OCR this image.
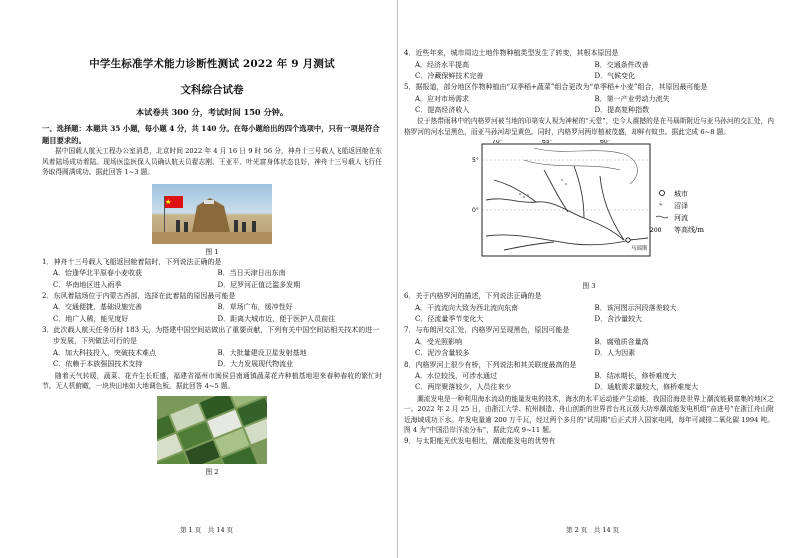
中学生标准学术能力诊断性测试 2022 年 9 月测试
文科综合试卷
本试卷共 300 分，考试时间 150 分钟。
一、选择题：本题共 35 小题，每小题 4 分，共 140 分。在每小题给出的四个选项中，只有一项是符合题目要求的。
据中国载人航天工程办公室消息，北京时间 2022 年 4 月 16 日 9 时 56 分，神舟十三号载人飞船返回舱在东风着陆场成功着陆。现场医监医保人员确认航天员翟志刚、王亚平、叶光富身体状态良好，神舟十三号载人飞行任务取得圆满成功。据此回答 1~3 题。
图 1
1．神舟十三号载人飞船返回舱着陆时，下列说法正确的是
A．恰逢华北平原春小麦收获	B．当日天津日出东南
C．华南地区进入雨季	D．尼罗河正值泛滥多发期
2．东风着陆场位于内蒙古西部，选择在此着陆的原因最可能是
A．交通便捷，基础设施完善	B．草场广布，缓冲性好
C．地广人稀，能见度好	D．距离大城市近，便于医护人员前往
3．此次载人航天任务历时 183 天，为搭建中国空间站做出了重要贡献，下列有关中国空间站相关技术的进一步发展，下列做法可行的是
A．加大科技投入，突破技术难点	B．大批量建设卫星发射基地
C．依赖于本族强国技术支持	D．大力发展现代物流业
随着天气转暖，蔬菜、花卉生长旺盛，福建省福州市闽侯县南通镇蔬菜花卉种植基地迎来春种春收的繁忙时节。无人机俯瞰，一块块田地如大地调色板。据此回答 4~5 题。
图 2
第 1 页　共 14 页
4．近些年来，城市周边土地作物种植类型发生了转变，其根本原因是
A．经济水平提高	B．交通条件改善
C．冷藏保鲜技术完善	D．气候变化
5．据报道，部分地区作物种植由“双季稻+蔬菜”组合更改为“单季稻+小麦”组合，其原因最可能是
A．应对市场需求	B．第一产业劳动力流失
C．提高经济收入	D．提高复种指数
位于热带雨林中的内格罗河被当地的印第安人视为神秘的“天堂”，史今人震撼的是在马瑙斯附近与亚马孙河的交汇处，内格罗河的河水呈黑色，而亚马孙河却呈黄色。同时，内格罗河两岸植被茂盛，却鲜有蚊虫。据此完成 6~8 题。
70°	65°	60°
5°
0°
马瑙斯
城市
⩯ 沼泽
河流
200 等高线/m
图 3
6．关于内格罗河的描述，下列说法正确的是
A．干流流向大致为西北流向东南	B．该河图示河段落差较大
C．径流量季节变化大	D．含沙量较大
7．与布朗河交汇处，内格罗河呈现黑色，原因可能是
A．受光照影响	B．腐殖质含量高
C．泥沙含量较多	D．人为因素
8．内格罗河上很少有桥，下列说法和其关联度最高的是
A．水位较浅，可涉水通过	B．结冰期长，修桥难度大
C．两岸聚落较少，人员往来少	D．通航需求量较大，修桥难度大
潮流发电是一种利用海水流动的能量发电的技术，海水的水平运动能产生动能，我国沿海是世界上潮流能最富集的地区之一。2022 年 2 月 25 日，由浙江大学、杭州制造、舟山创新的世界首台兆瓦级大功率潮流能发电机组“奋进号”在浙江舟山附近海域成功下水。年发电量逾 200 万千瓦，经过两个多月的“试用期”后正式并入国家电网，每年可减排二氧化碳 1994 吨。图 4 为“中国沿岸洋流分布”，据此完成 9~11 题。
9．与太阳能光伏发电相比，潮流能发电的优势有
第 2 页　共 14 页
